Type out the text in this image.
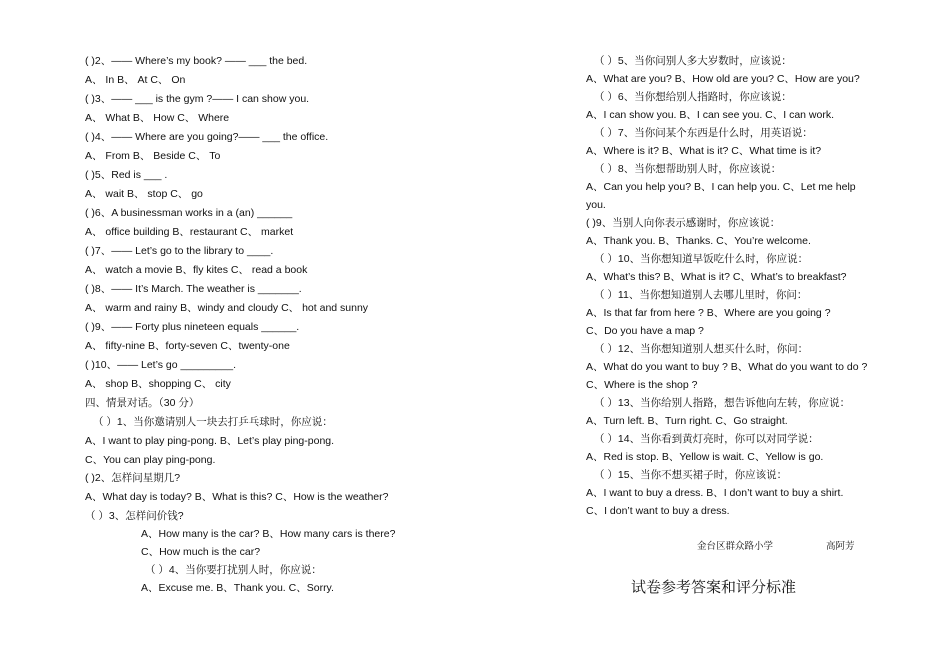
( )2、—— Where’s my book? —— ___ the bed.
A、 In B、 At C、 On
( )3、—— ___ is the gym ?—— I can show you.
A、 What B、 How C、 Where
( )4、—— Where are you going?—— ___ the office.
A、 From B、 Beside C、 To
( )5、Red is ___ .
A、 wait B、 stop C、 go
( )6、A businessman works in a (an) ______
A、 office building B、restaurant C、 market
( )7、—— Let’s go to the library to ____.
A、 watch a movie B、fly kites C、 read a book
( )8、—— It’s March. The weather is _______.
A、 warm and rainy B、windy and cloudy C、 hot and sunny
( )9、—— Forty plus nineteen equals ______.
A、 fifty-nine B、forty-seven C、twenty-one
( )10、—— Let’s go _________.
A、 shop B、shopping C、 city
四、情景对话。（30 分）
（ ）1、当你邀请别人一块去打乒乓球时，你应说：
A、I want to play ping-pong. B、Let’s play ping-pong.
C、You can play ping-pong.
( )2、怎样问星期几?
A、What day is today? B、What is this? C、How is the weather?
（ ）3、怎样问价钱?
A、How many is the car? B、How many cars is there?
C、How much is the car?
（ ）4、当你要打扰别人时，你应说：
A、Excuse me. B、Thank you. C、Sorry.
（ ）5、当你问别人多大岁数时，应该说：
A、What are you? B、How old are you? C、How are you?
（ ）6、当你想给别人指路时，你应该说：
A、I can show you. B、I can see you. C、I can work.
（ ）7、当你问某个东西是什么时，用英语说：
A、Where is it? B、What is it? C、What time is it?
（ ）8、当你想帮助别人时，你应该说：
A、Can you help you? B、I can help you. C、Let me help
you.
( )9、当别人向你表示感谢时，你应该说：
A、Thank you. B、Thanks. C、You’re welcome.
（ ）10、当你想知道早饭吃什么时，你应说：
A、What’s this? B、What is it? C、What’s to breakfast?
（ ）11、当你想知道别人去哪儿里时，你问：
A、Is that far from here ? B、Where are you going ?
C、Do you have a map ?
（ ）12、当你想知道别人想买什么时，你问：
A、What do you want to buy ? B、What do you want to do ?
C、Where is the shop ?
（ ）13、当你给别人指路，想告诉他向左转，你应说：
A、Turn left. B、Turn right. C、Go straight.
（ ）14、当你看到黄灯亮时，你可以对同学说：
A、Red is stop. B、Yellow is wait. C、Yellow is go.
（ ）15、当你不想买裙子时，你应该说：
A、I want to buy a dress. B、I don’t want to buy a shirt.
C、I don’t want to buy a dress.
金台区群众路小学	高阿芳
试卷参考答案和评分标准
